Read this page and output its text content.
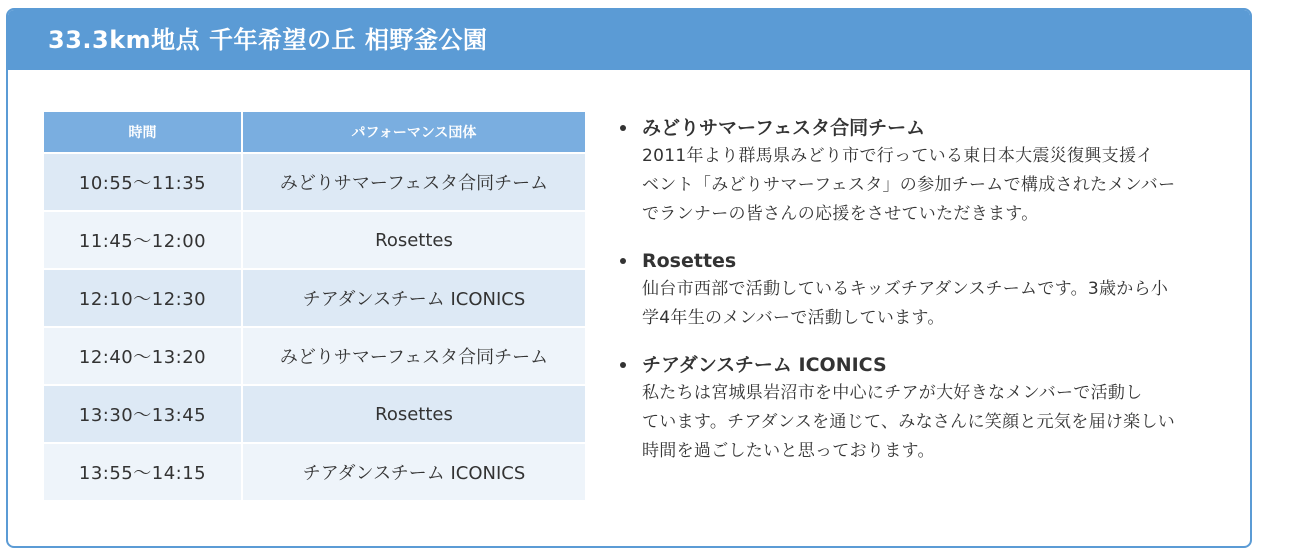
33.3km地点 千年希望の丘 相野釜公園
時間	パフォーマンス団体
10:55～11:35	みどりサマーフェスタ合同チーム
11:45～12:00	Rosettes
12:10～12:30	チアダンスチーム ICONICS
12:40～13:20	みどりサマーフェスタ合同チーム
13:30～13:45	Rosettes
13:55～14:15	チアダンスチーム ICONICS
みどりサマーフェスタ合同チーム
2011年より群馬県みどり市で行っている東日本大震災復興支援イ
ベント「みどりサマーフェスタ」の参加チームで構成されたメンバー
でランナーの皆さんの応援をさせていただきます。
Rosettes
仙台市西部で活動しているキッズチアダンスチームです。3歳から小
学4年生のメンバーで活動しています。
チアダンスチーム ICONICS
私たちは宮城県岩沼市を中心にチアが大好きなメンバーで活動し
ています。チアダンスを通じて、みなさんに笑顔と元気を届け楽しい
時間を過ごしたいと思っております。
